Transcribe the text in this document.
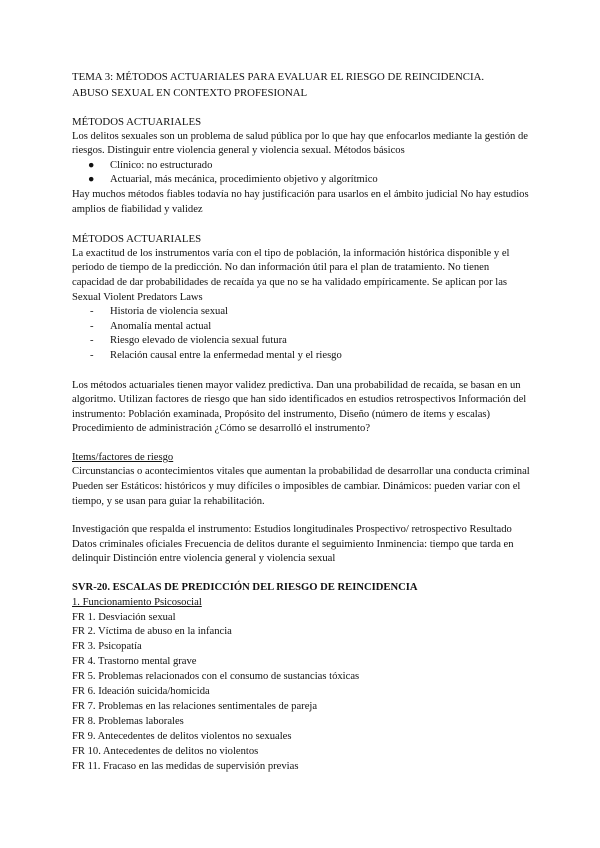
TEMA 3: MÉTODOS ACTUARIALES PARA EVALUAR EL RIESGO DE REINCIDENCIA.

ABUSO SEXUAL EN CONTEXTO PROFESIONAL

MÉTODOS ACTUARIALES

Los delitos sexuales son un problema de salud pública por lo que hay que enfocarlos mediante la gestión de riesgos. Distinguir entre violencia general y violencia sexual. Métodos básicos

● Clínico: no estructurado
● Actuarial, más mecánica, procedimiento objetivo y algorítmico

Hay muchos métodos fiables todavía no hay justificación para usarlos en el ámbito judicial No hay estudios amplios de fiabilidad y validez

MÉTODOS ACTUARIALES

La exactitud de los instrumentos varía con el tipo de población, la información histórica disponible y el periodo de tiempo de la predicción. No dan información útil para el plan de tratamiento. No tienen capacidad de dar probabilidades de recaída ya que no se ha validado empíricamente. Se aplican por las Sexual Violent Predators Laws

- Historia de violencia sexual
- Anomalía mental actual
- Riesgo elevado de violencia sexual futura
- Relación causal entre la enfermedad mental y el riesgo

Los métodos actuariales tienen mayor validez predictiva. Dan una probabilidad de recaída, se basan en un algoritmo. Utilizan factores de riesgo que han sido identificados en estudios retrospectivos Información del instrumento: Población examinada, Propósito del instrumento, Diseño (número de ítems y escalas) Procedimiento de administración ¿Cómo se desarrolló el instrumento?

Items/factores de riesgo

Circunstancias o acontecimientos vitales que aumentan la probabilidad de desarrollar una conducta criminal Pueden ser Estáticos: históricos y muy difíciles o imposibles de cambiar. Dinámicos: pueden variar con el tiempo, y se usan para guiar la rehabilitación.

Investigación que respalda el instrumento: Estudios longitudinales Prospectivo/ retrospectivo Resultado Datos criminales oficiales Frecuencia de delitos durante el seguimiento Inminencia: tiempo que tarda en delinquir Distinción entre violencia general y violencia sexual

SVR-20. ESCALAS DE PREDICCIÓN DEL RIESGO DE REINCIDENCIA

1. Funcionamiento Psicosocial

FR 1. Desviación sexual

FR 2. Víctima de abuso en la infancia

FR 3. Psicopatía

FR 4. Trastorno mental grave

FR 5. Problemas relacionados con el consumo de sustancias tóxicas

FR 6. Ideación suicida/homicida

FR 7. Problemas en las relaciones sentimentales de pareja

FR 8. Problemas laborales

FR 9. Antecedentes de delitos violentos no sexuales

FR 10. Antecedentes de delitos no violentos

FR 11. Fracaso en las medidas de supervisión previas
